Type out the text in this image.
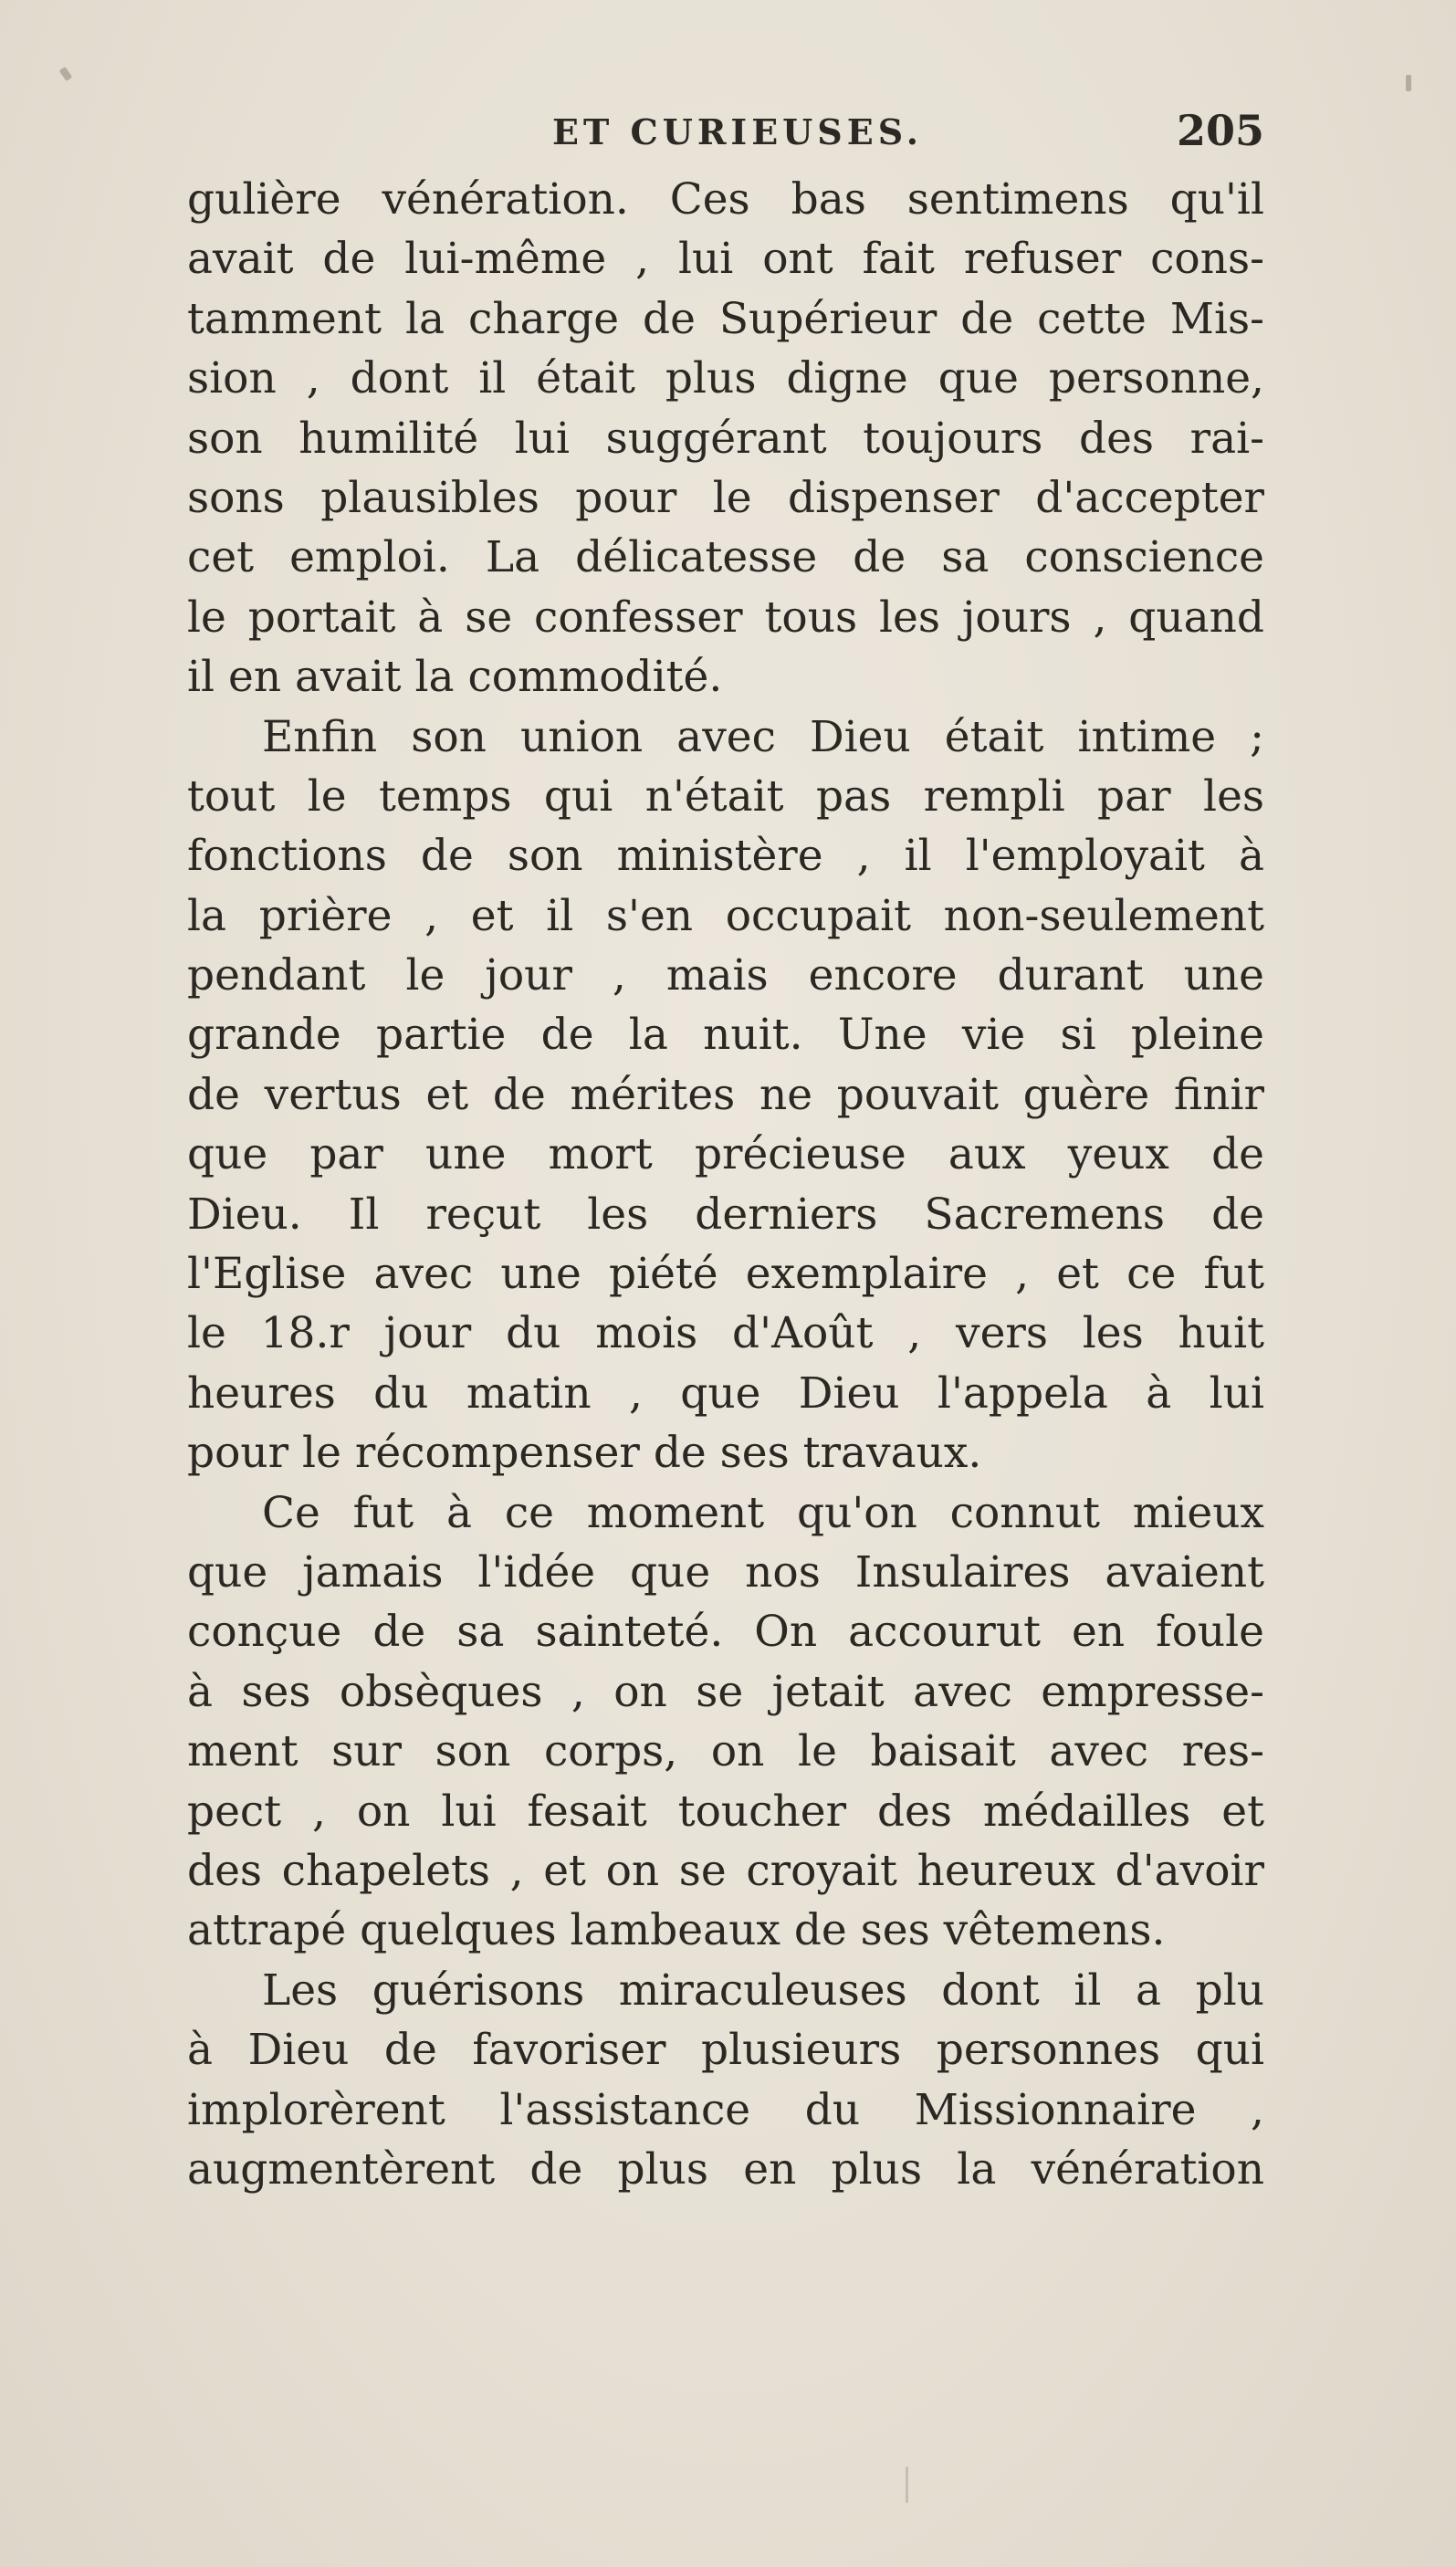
ET CURIEUSES.	205
gulière vénération. Ces bas sentimens qu'il
avait de lui-même , lui ont fait refuser cons-
tamment la charge de Supérieur de cette Mis-
sion , dont il était plus digne que personne,
son humilité lui suggérant toujours des rai-
sons plausibles pour le dispenser d'accepter
cet emploi. La délicatesse de sa conscience
le portait à se confesser tous les jours , quand
il en avait la commodité.
Enfin son union avec Dieu était intime ;
tout le temps qui n'était pas rempli par les
fonctions de son ministère , il l'employait à
la prière , et il s'en occupait non-seulement
pendant le jour , mais encore durant une
grande partie de la nuit. Une vie si pleine
de vertus et de mérites ne pouvait guère finir
que par une mort précieuse aux yeux de
Dieu. Il reçut les derniers Sacremens de
l'Eglise avec une piété exemplaire , et ce fut
le 18.r jour du mois d'Août , vers les huit
heures du matin , que Dieu l'appela à lui
pour le récompenser de ses travaux.
Ce fut à ce moment qu'on connut mieux
que jamais l'idée que nos Insulaires avaient
conçue de sa sainteté. On accourut en foule
à ses obsèques , on se jetait avec empresse-
ment sur son corps, on le baisait avec res-
pect , on lui fesait toucher des médailles et
des chapelets , et on se croyait heureux d'avoir
attrapé quelques lambeaux de ses vêtemens.
Les guérisons miraculeuses dont il a plu
à Dieu de favoriser plusieurs personnes qui
implorèrent l'assistance du Missionnaire ,
augmentèrent de plus en plus la vénération
